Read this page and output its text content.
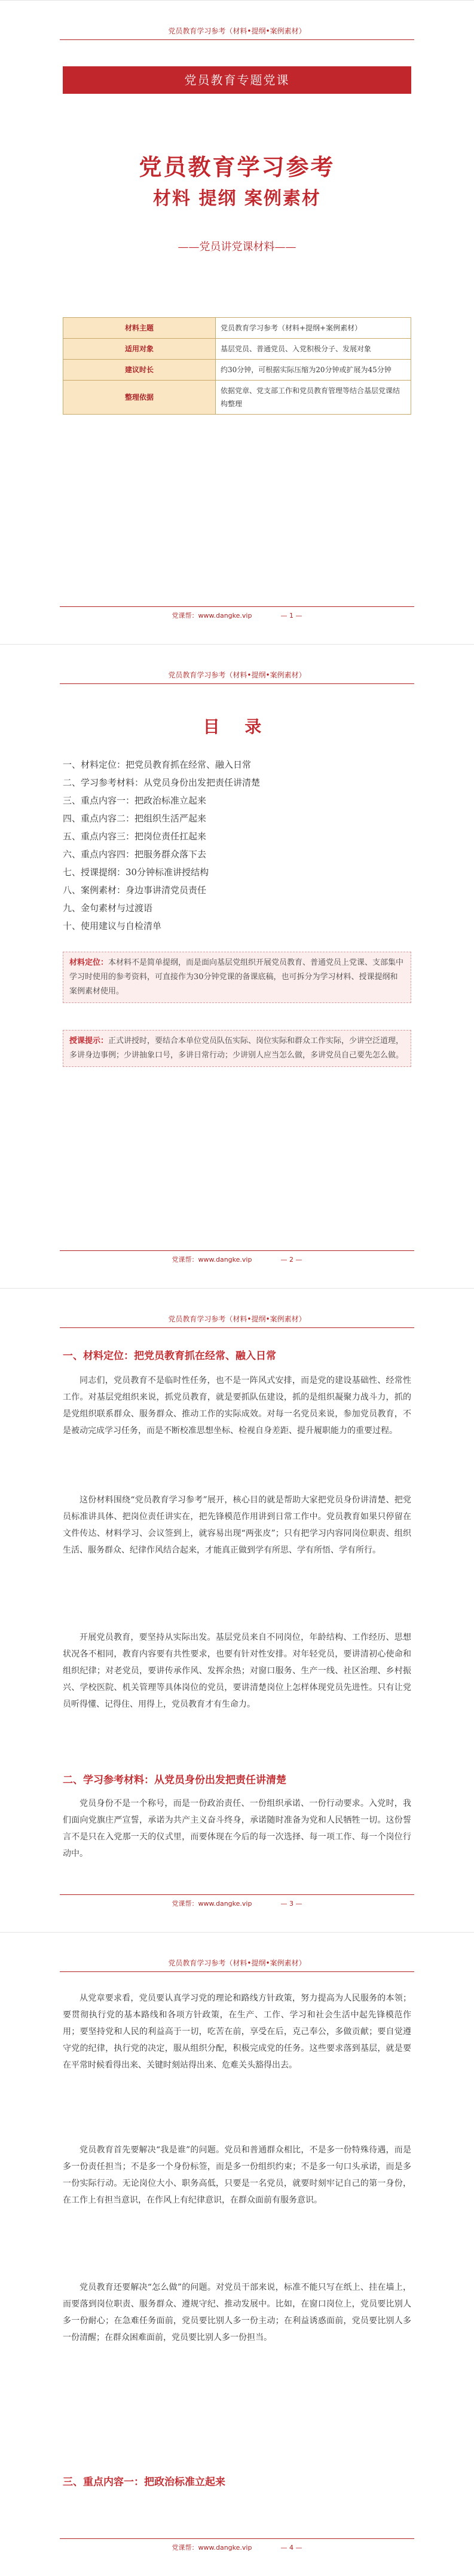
党员教育学习参考（材料•提纲•案例素材）
党员教育专题党课
党员教育学习参考
材料 提纲 案例素材
——党员讲党课材料——
材料主题	党员教育学习参考（材料+提纲+案例素材）
适用对象	基层党员、普通党员、入党积极分子、发展对象
建议时长	约30分钟，可根据实际压缩为20分钟或扩展为45分钟
整理依据	依据党章、党支部工作和党员教育管理等结合基层党课结构整理
党课帮：www.dangke.vip	— 1 —
党员教育学习参考（材料•提纲•案例素材）
目 录
一、材料定位：把党员教育抓在经常、融入日常
二、学习参考材料：从党员身份出发把责任讲清楚
三、重点内容一：把政治标准立起来
四、重点内容二：把组织生活严起来
五、重点内容三：把岗位责任扛起来
六、重点内容四：把服务群众落下去
七、授课提纲：30分钟标准讲授结构
八、案例素材：身边事讲清党员责任
九、金句素材与过渡语
十、使用建议与自检清单
材料定位：本材料不是简单提纲，而是面向基层党组织开展党员教育、普通党员上党课、支部集中学习时使用的参考资料，可直接作为30分钟党课的备课底稿，也可拆分为学习材料、授课提纲和案例素材使用。
授课提示：正式讲授时，要结合本单位党员队伍实际、岗位实际和群众工作实际，少讲空泛道理，多讲身边事例；少讲抽象口号，多讲日常行动；少讲别人应当怎么做，多讲党员自己要先怎么做。
党课帮：www.dangke.vip	— 2 —
党员教育学习参考（材料•提纲•案例素材）
一、材料定位：把党员教育抓在经常、融入日常

同志们，党员教育不是临时性任务，也不是一阵风式安排，而是党的建设基础性、经常性工作。对基层党组织来说，抓党员教育，就是要抓队伍建设，抓的是组织凝聚力战斗力，抓的是党组织联系群众、服务群众、推动工作的实际成效。对每一名党员来说，参加党员教育，不是被动完成学习任务，而是不断校准思想坐标、检视自身差距、提升履职能力的重要过程。

这份材料围绕“党员教育学习参考”展开，核心目的就是帮助大家把党员身份讲清楚、把党员标准讲具体、把岗位责任讲实在，把先锋模范作用讲到日常工作中。党员教育如果只停留在文件传达、材料学习、会议签到上，就容易出现“两张皮”；只有把学习内容同岗位职责、组织生活、服务群众、纪律作风结合起来，才能真正做到学有所思、学有所悟、学有所行。

开展党员教育，要坚持从实际出发。基层党员来自不同岗位，年龄结构、工作经历、思想状况各不相同，教育内容要有共性要求，也要有针对性安排。对年轻党员，要讲清初心使命和组织纪律；对老党员，要讲传承作风、发挥余热；对窗口服务、生产一线、社区治理、乡村振兴、学校医院、机关管理等具体岗位的党员，要讲清楚岗位上怎样体现党员先进性。只有让党员听得懂、记得住、用得上，党员教育才有生命力。

二、学习参考材料：从党员身份出发把责任讲清楚

党员身份不是一个称号，而是一份政治责任、一份组织承诺、一份行动要求。入党时，我们面向党旗庄严宣誓，承诺为共产主义奋斗终身，承诺随时准备为党和人民牺牲一切。这份誓言不是只在入党那一天的仪式里，而要体现在今后的每一次选择、每一项工作、每一个岗位行动中。

党课帮：www.dangke.vip	— 3 —
党员教育学习参考（材料•提纲•案例素材）

从党章要求看，党员要认真学习党的理论和路线方针政策，努力提高为人民服务的本领；要贯彻执行党的基本路线和各项方针政策，在生产、工作、学习和社会生活中起先锋模范作用；要坚持党和人民的利益高于一切，吃苦在前，享受在后，克己奉公，多做贡献；要自觉遵守党的纪律，执行党的决定，服从组织分配，积极完成党的任务。这些要求落到基层，就是要在平常时候看得出来、关键时刻站得出来、危难关头豁得出去。

党员教育首先要解决“我是谁”的问题。党员和普通群众相比，不是多一份特殊待遇，而是多一份责任担当；不是多一个身份标签，而是多一份组织约束；不是多一句口头承诺，而是多一份实际行动。无论岗位大小、职务高低，只要是一名党员，就要时刻牢记自己的第一身份，在工作上有担当意识，在作风上有纪律意识，在群众面前有服务意识。

党员教育还要解决“怎么做”的问题。对党员干部来说，标准不能只写在纸上、挂在墙上，而要落到岗位职责、服务群众、遵规守纪、推动发展中。比如，在窗口岗位上，党员要比别人多一份耐心；在急难任务面前，党员要比别人多一份主动；在利益诱惑面前，党员要比别人多一份清醒；在群众困难面前，党员要比别人多一份担当。

三、重点内容一：把政治标准立起来
党课帮：www.dangke.vip	— 4 —
